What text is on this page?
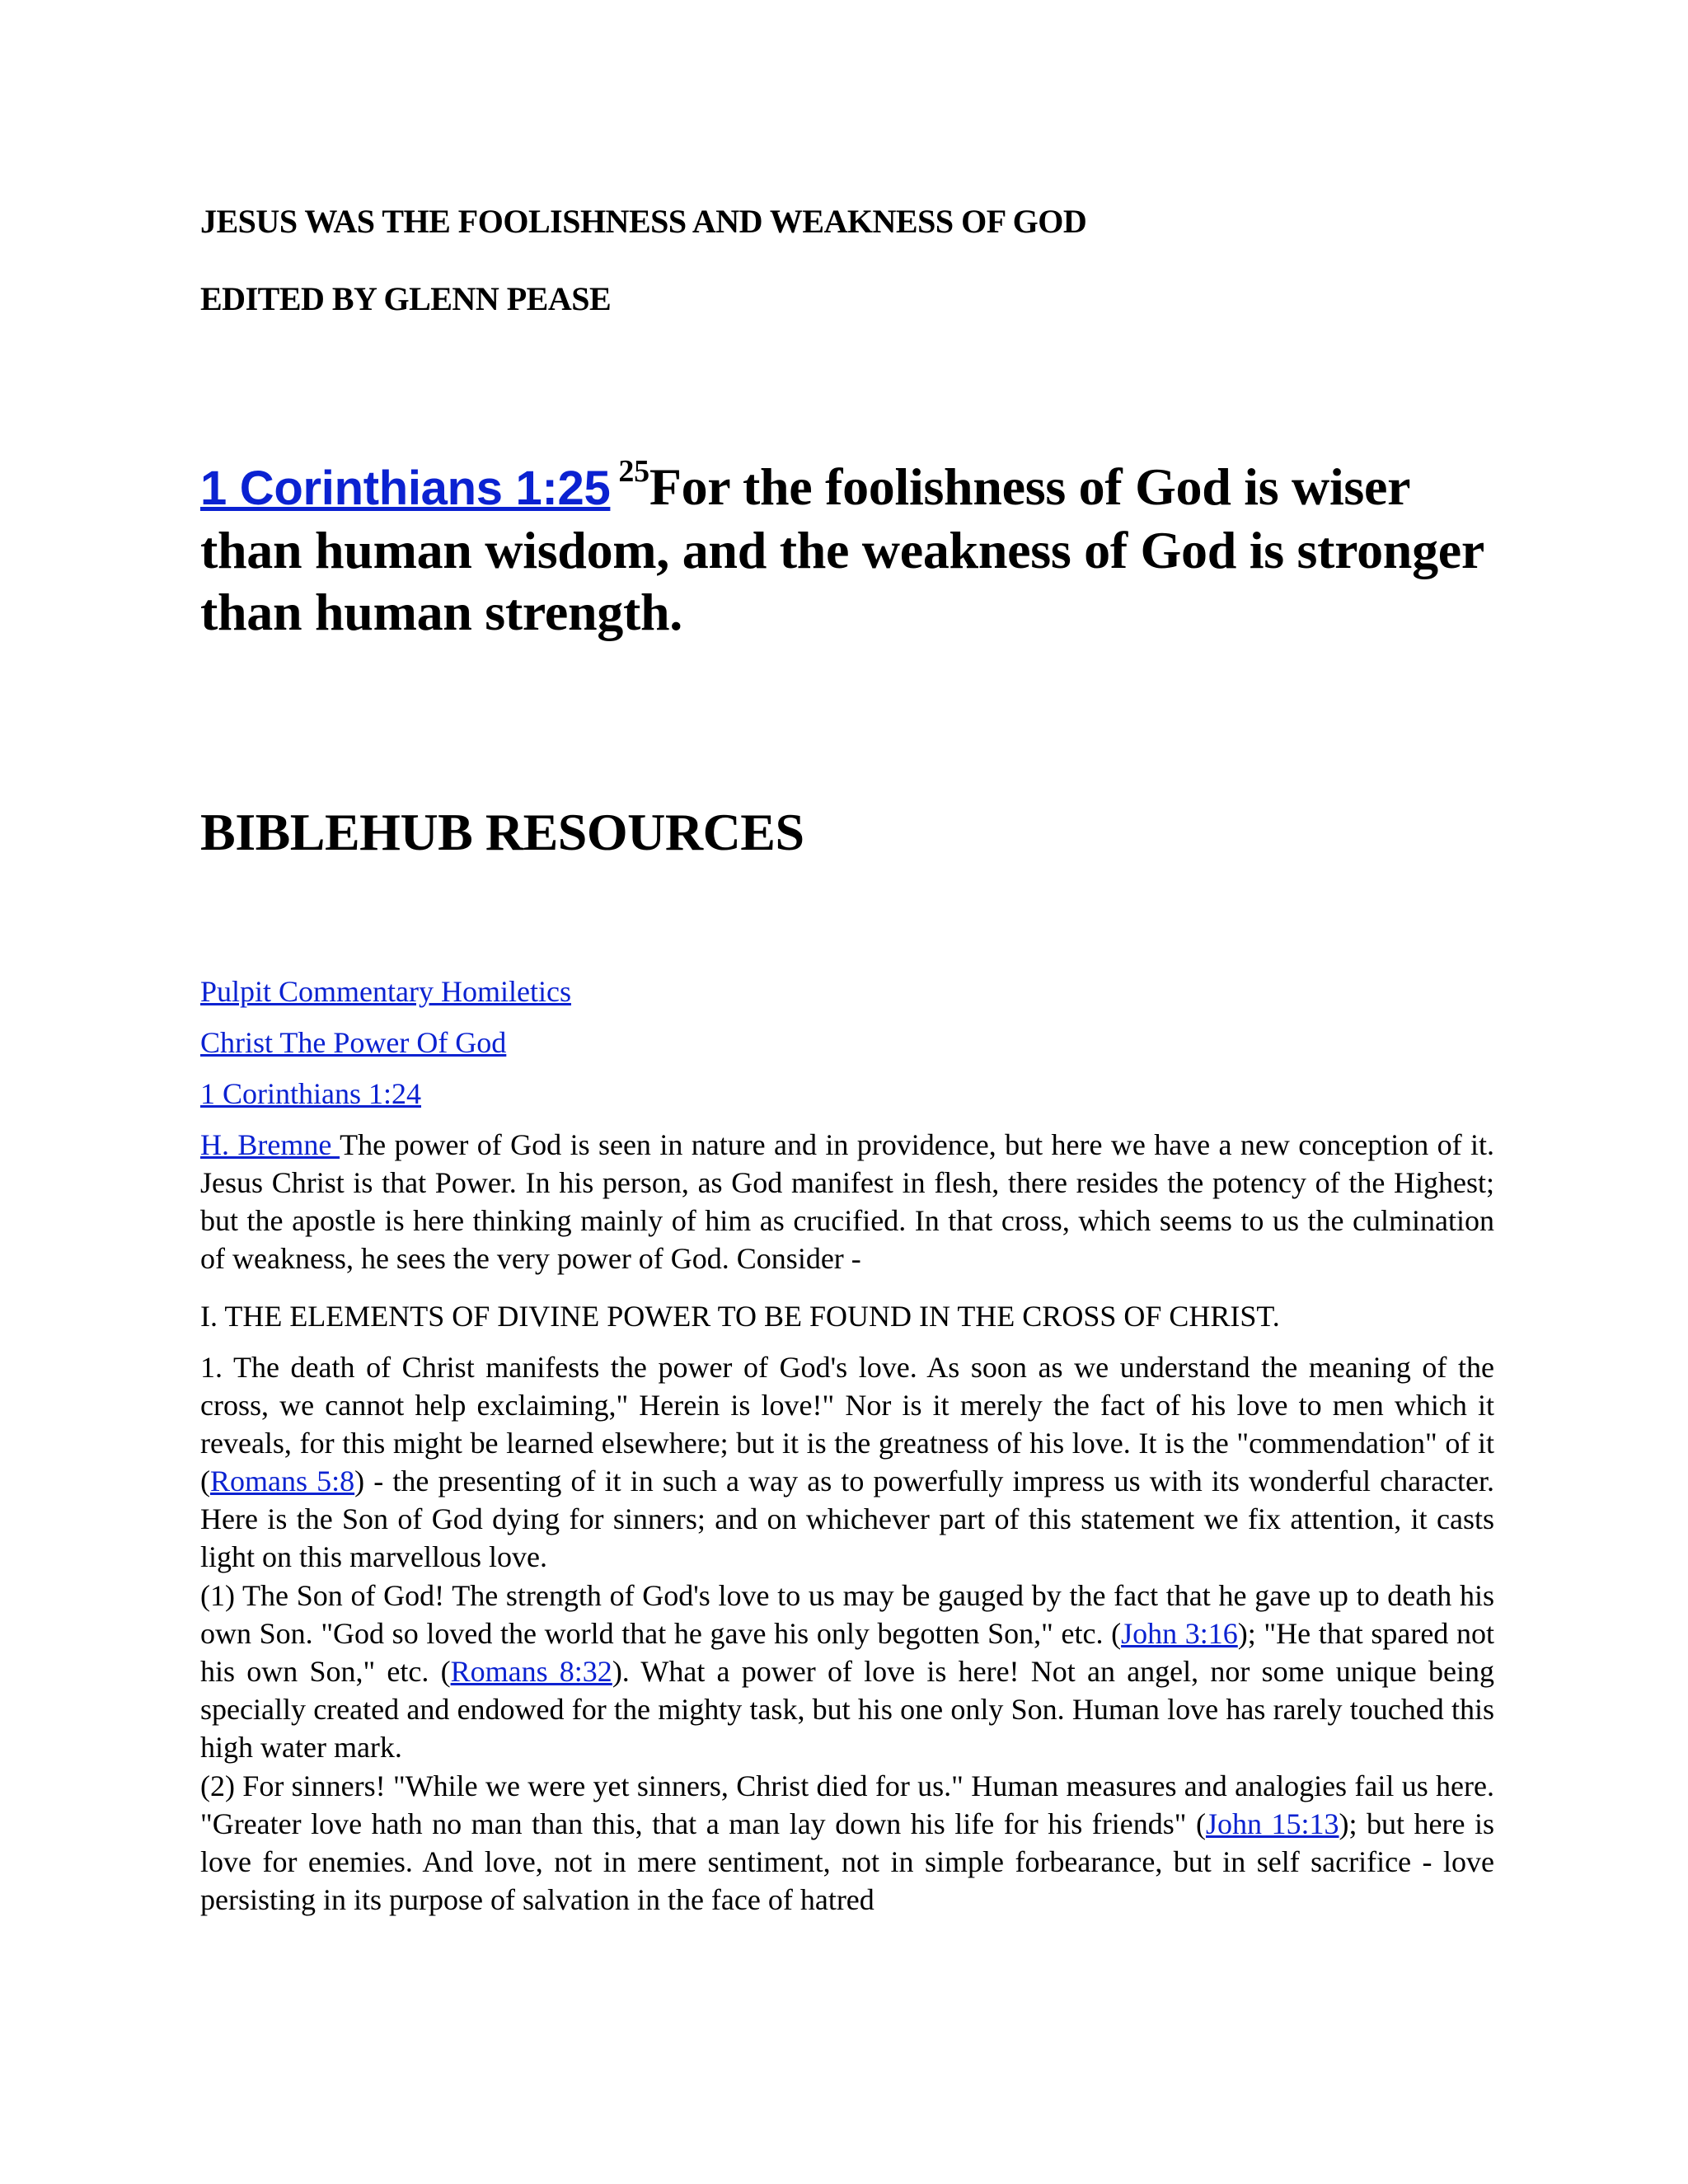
JESUS WAS THE FOOLISHNESS AND WEAKNESS OF GOD
EDITED BY GLENN PEASE
1 Corinthians 1:25 $^{25}$For the foolishness of God is wiser than human wisdom, and the weakness of God is stronger than human strength.
BIBLEHUB RESOURCES
Pulpit Commentary Homiletics
Christ The Power Of God
1 Corinthians 1:24
H. Bremne The power of God is seen in nature and in providence, but here we have a new conception of it. Jesus Christ is that Power. In his person, as God manifest in flesh, there resides the potency of the Highest; but the apostle is here thinking mainly of him as crucified. In that cross, which seems to us the culmination of weakness, he sees the very power of God. Consider -
I. THE ELEMENTS OF DIVINE POWER TO BE FOUND IN THE CROSS OF CHRIST.
1. The death of Christ manifests the power of God's love. As soon as we understand the meaning of the cross, we cannot help exclaiming," Herein is love!" Nor is it merely the fact of his love to men which it reveals, for this might be learned elsewhere; but it is the greatness of his love. It is the "commendation" of it (Romans 5:8) - the presenting of it in such a way as to powerfully impress us with its wonderful character. Here is the Son of God dying for sinners; and on whichever part of this statement we fix attention, it casts light on this marvellous love.
(1) The Son of God! The strength of God's love to us may be gauged by the fact that he gave up to death his own Son. "God so loved the world that he gave his only begotten Son," etc. (John 3:16); "He that spared not his own Son," etc. (Romans 8:32). What a power of love is here! Not an angel, nor some unique being specially created and endowed for the mighty task, but his one only Son. Human love has rarely touched this high water mark.
(2) For sinners! "While we were yet sinners, Christ died for us." Human measures and analogies fail us here. "Greater love hath no man than this, that a man lay down his life for his friends" (John 15:13); but here is love for enemies. And love, not in mere sentiment, not in simple forbearance, but in self sacrifice - love persisting in its purpose of salvation in the face of hatred
